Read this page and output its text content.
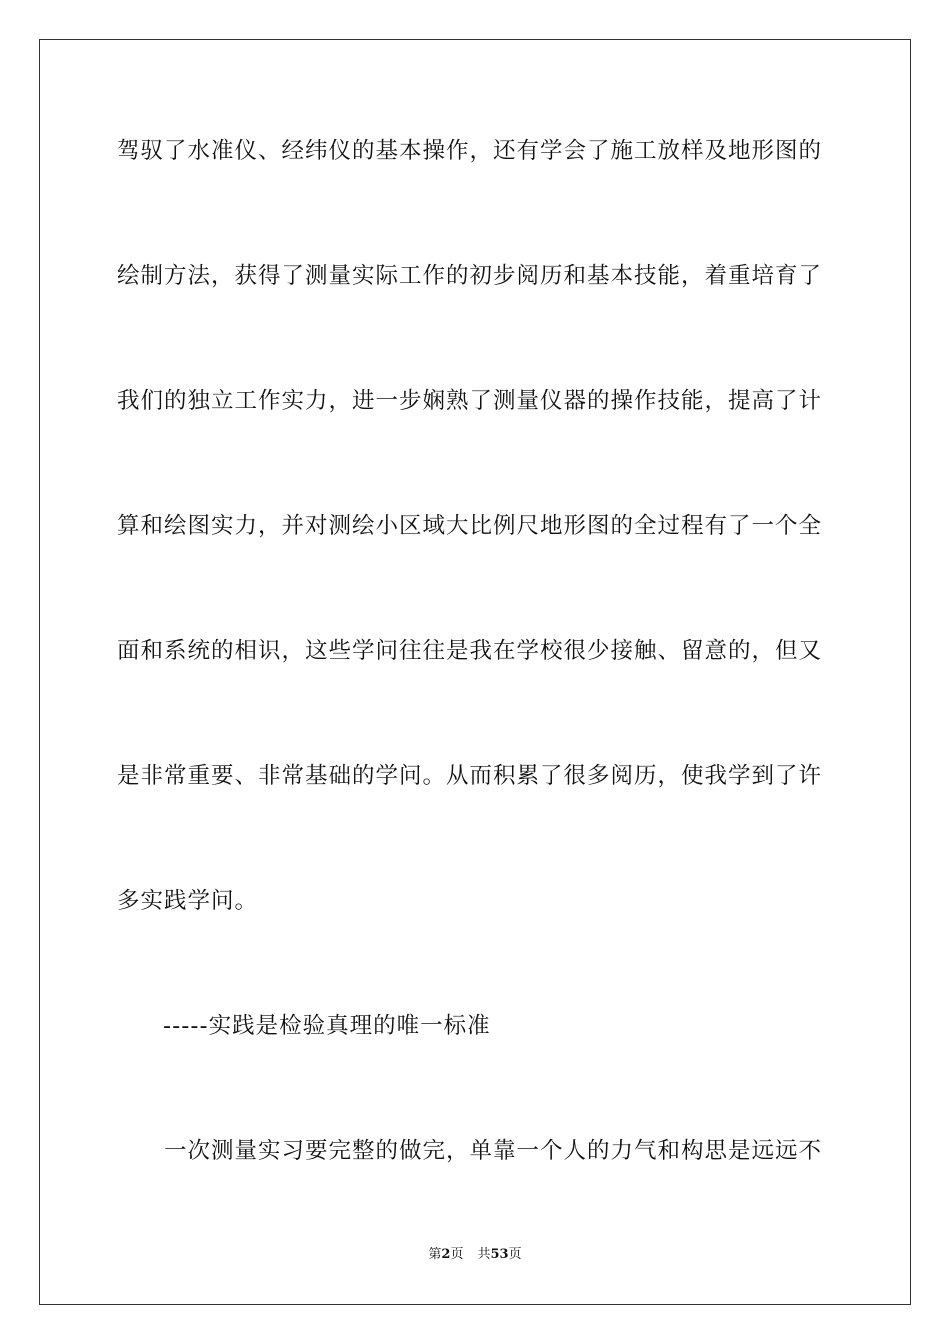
驾驭了水准仪、经纬仪的基本操作，还有学会了施工放样及地形图的
绘制方法，获得了测量实际工作的初步阅历和基本技能，着重培育了
我们的独立工作实力，进一步娴熟了测量仪器的操作技能，提高了计
算和绘图实力，并对测绘小区域大比例尺地形图的全过程有了一个全
面和系统的相识，这些学问往往是我在学校很少接触、留意的，但又
是非常重要、非常基础的学问。从而积累了很多阅历，使我学到了许
多实践学问。
-----实践是检验真理的唯一标准
一次测量实习要完整的做完，单靠一个人的力气和构思是远远不
第2页 共53页
